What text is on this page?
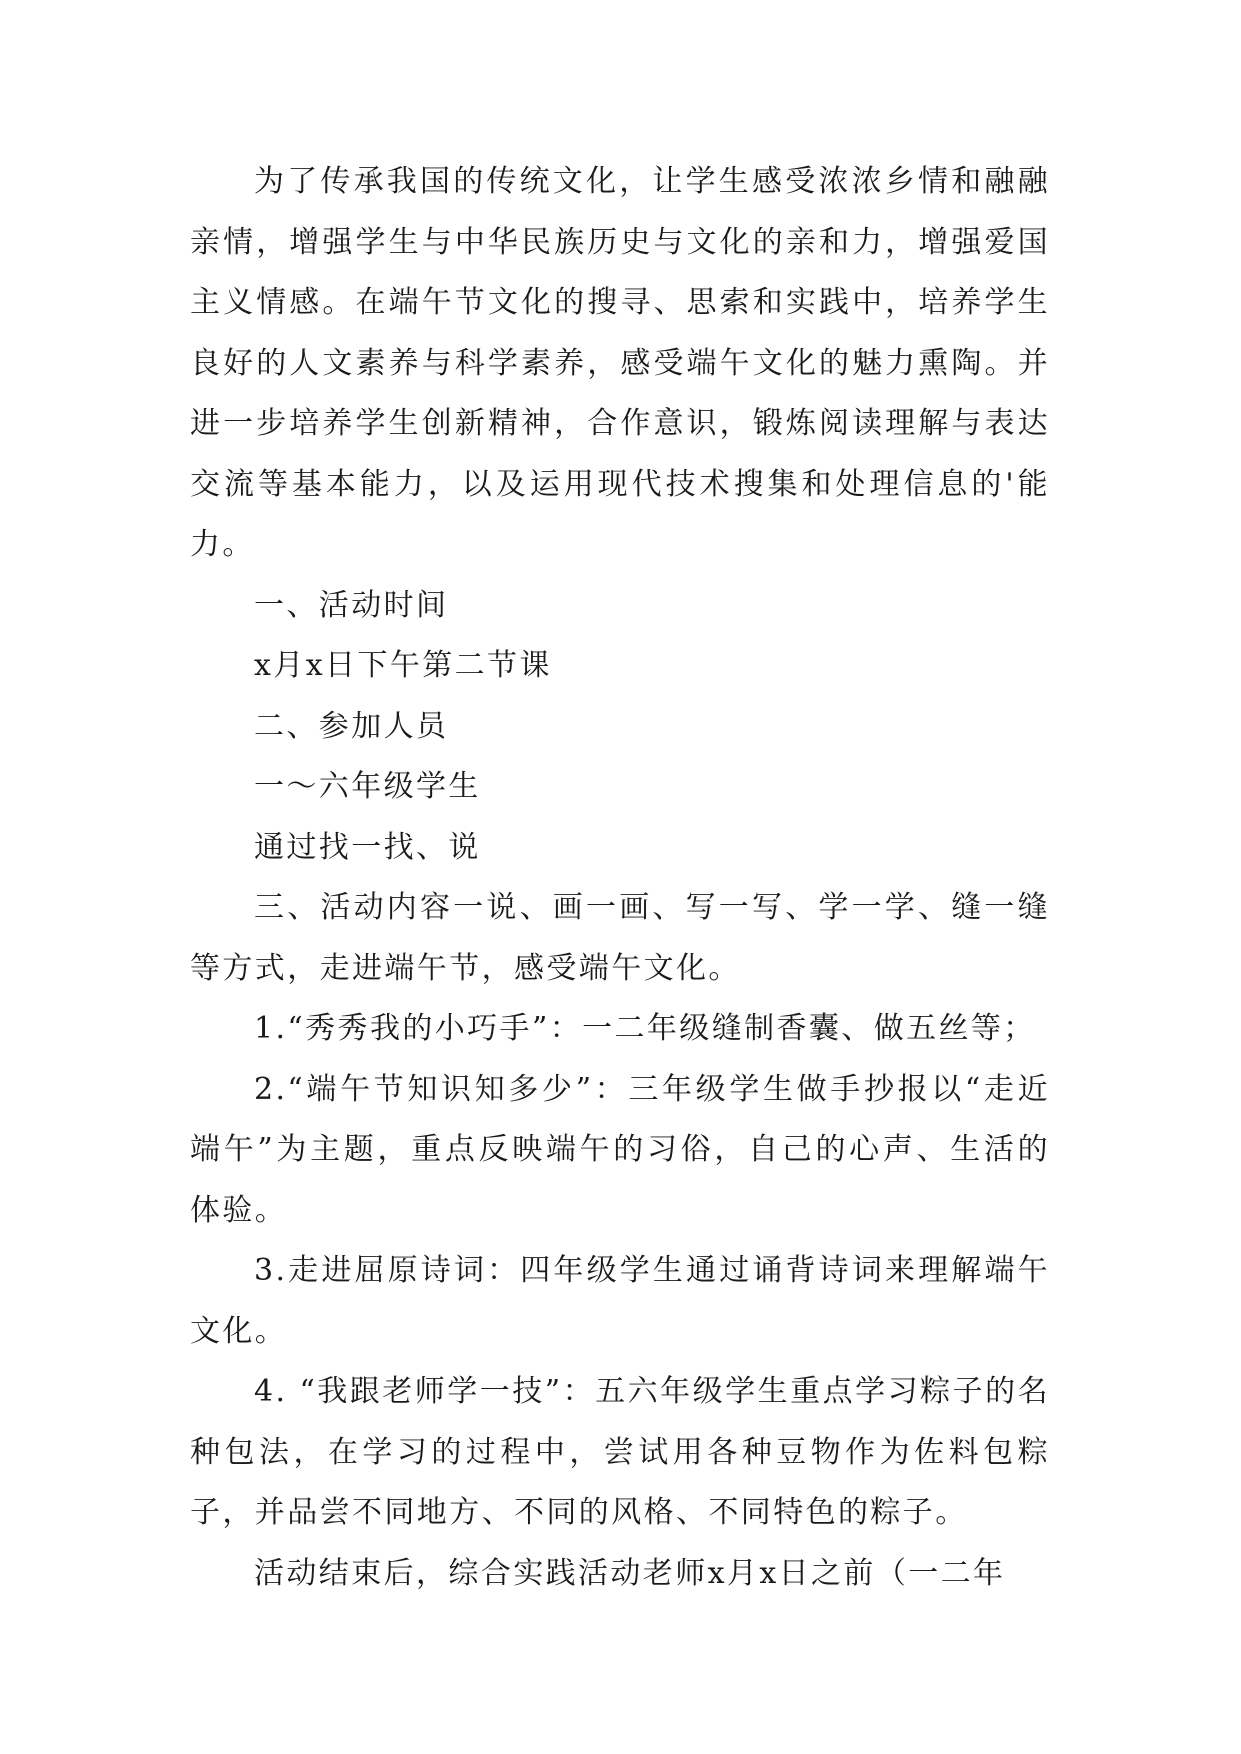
为了传承我国的传统文化，让学生感受浓浓乡情和融融亲情，增强学生与中华民族历史与文化的亲和力，增强爱国主义情感。在端午节文化的搜寻、思索和实践中，培养学生良好的人文素养与科学素养，感受端午文化的魅力熏陶。并进一步培养学生创新精神，合作意识，锻炼阅读理解与表达交流等基本能力，以及运用现代技术搜集和处理信息的'能力。

一、活动时间

x月x日下午第二节课

二、参加人员

一～六年级学生

通过找一找、说

三、活动内容一说、画一画、写一写、学一学、缝一缝等方式，走进端午节，感受端午文化。

1.“秀秀我的小巧手”：一二年级缝制香囊、做五丝等；

2.“端午节知识知多少”：三年级学生做手抄报以“走近端午”为主题，重点反映端午的习俗，自己的心声、生活的体验。

3.走进屈原诗词：四年级学生通过诵背诗词来理解端午文化。

4. “我跟老师学一技”：五六年级学生重点学习粽子的名种包法，在学习的过程中，尝试用各种豆物作为佐料包粽子，并品尝不同地方、不同的风格、不同特色的粽子。

活动结束后，综合实践活动老师x月x日之前（一二年
